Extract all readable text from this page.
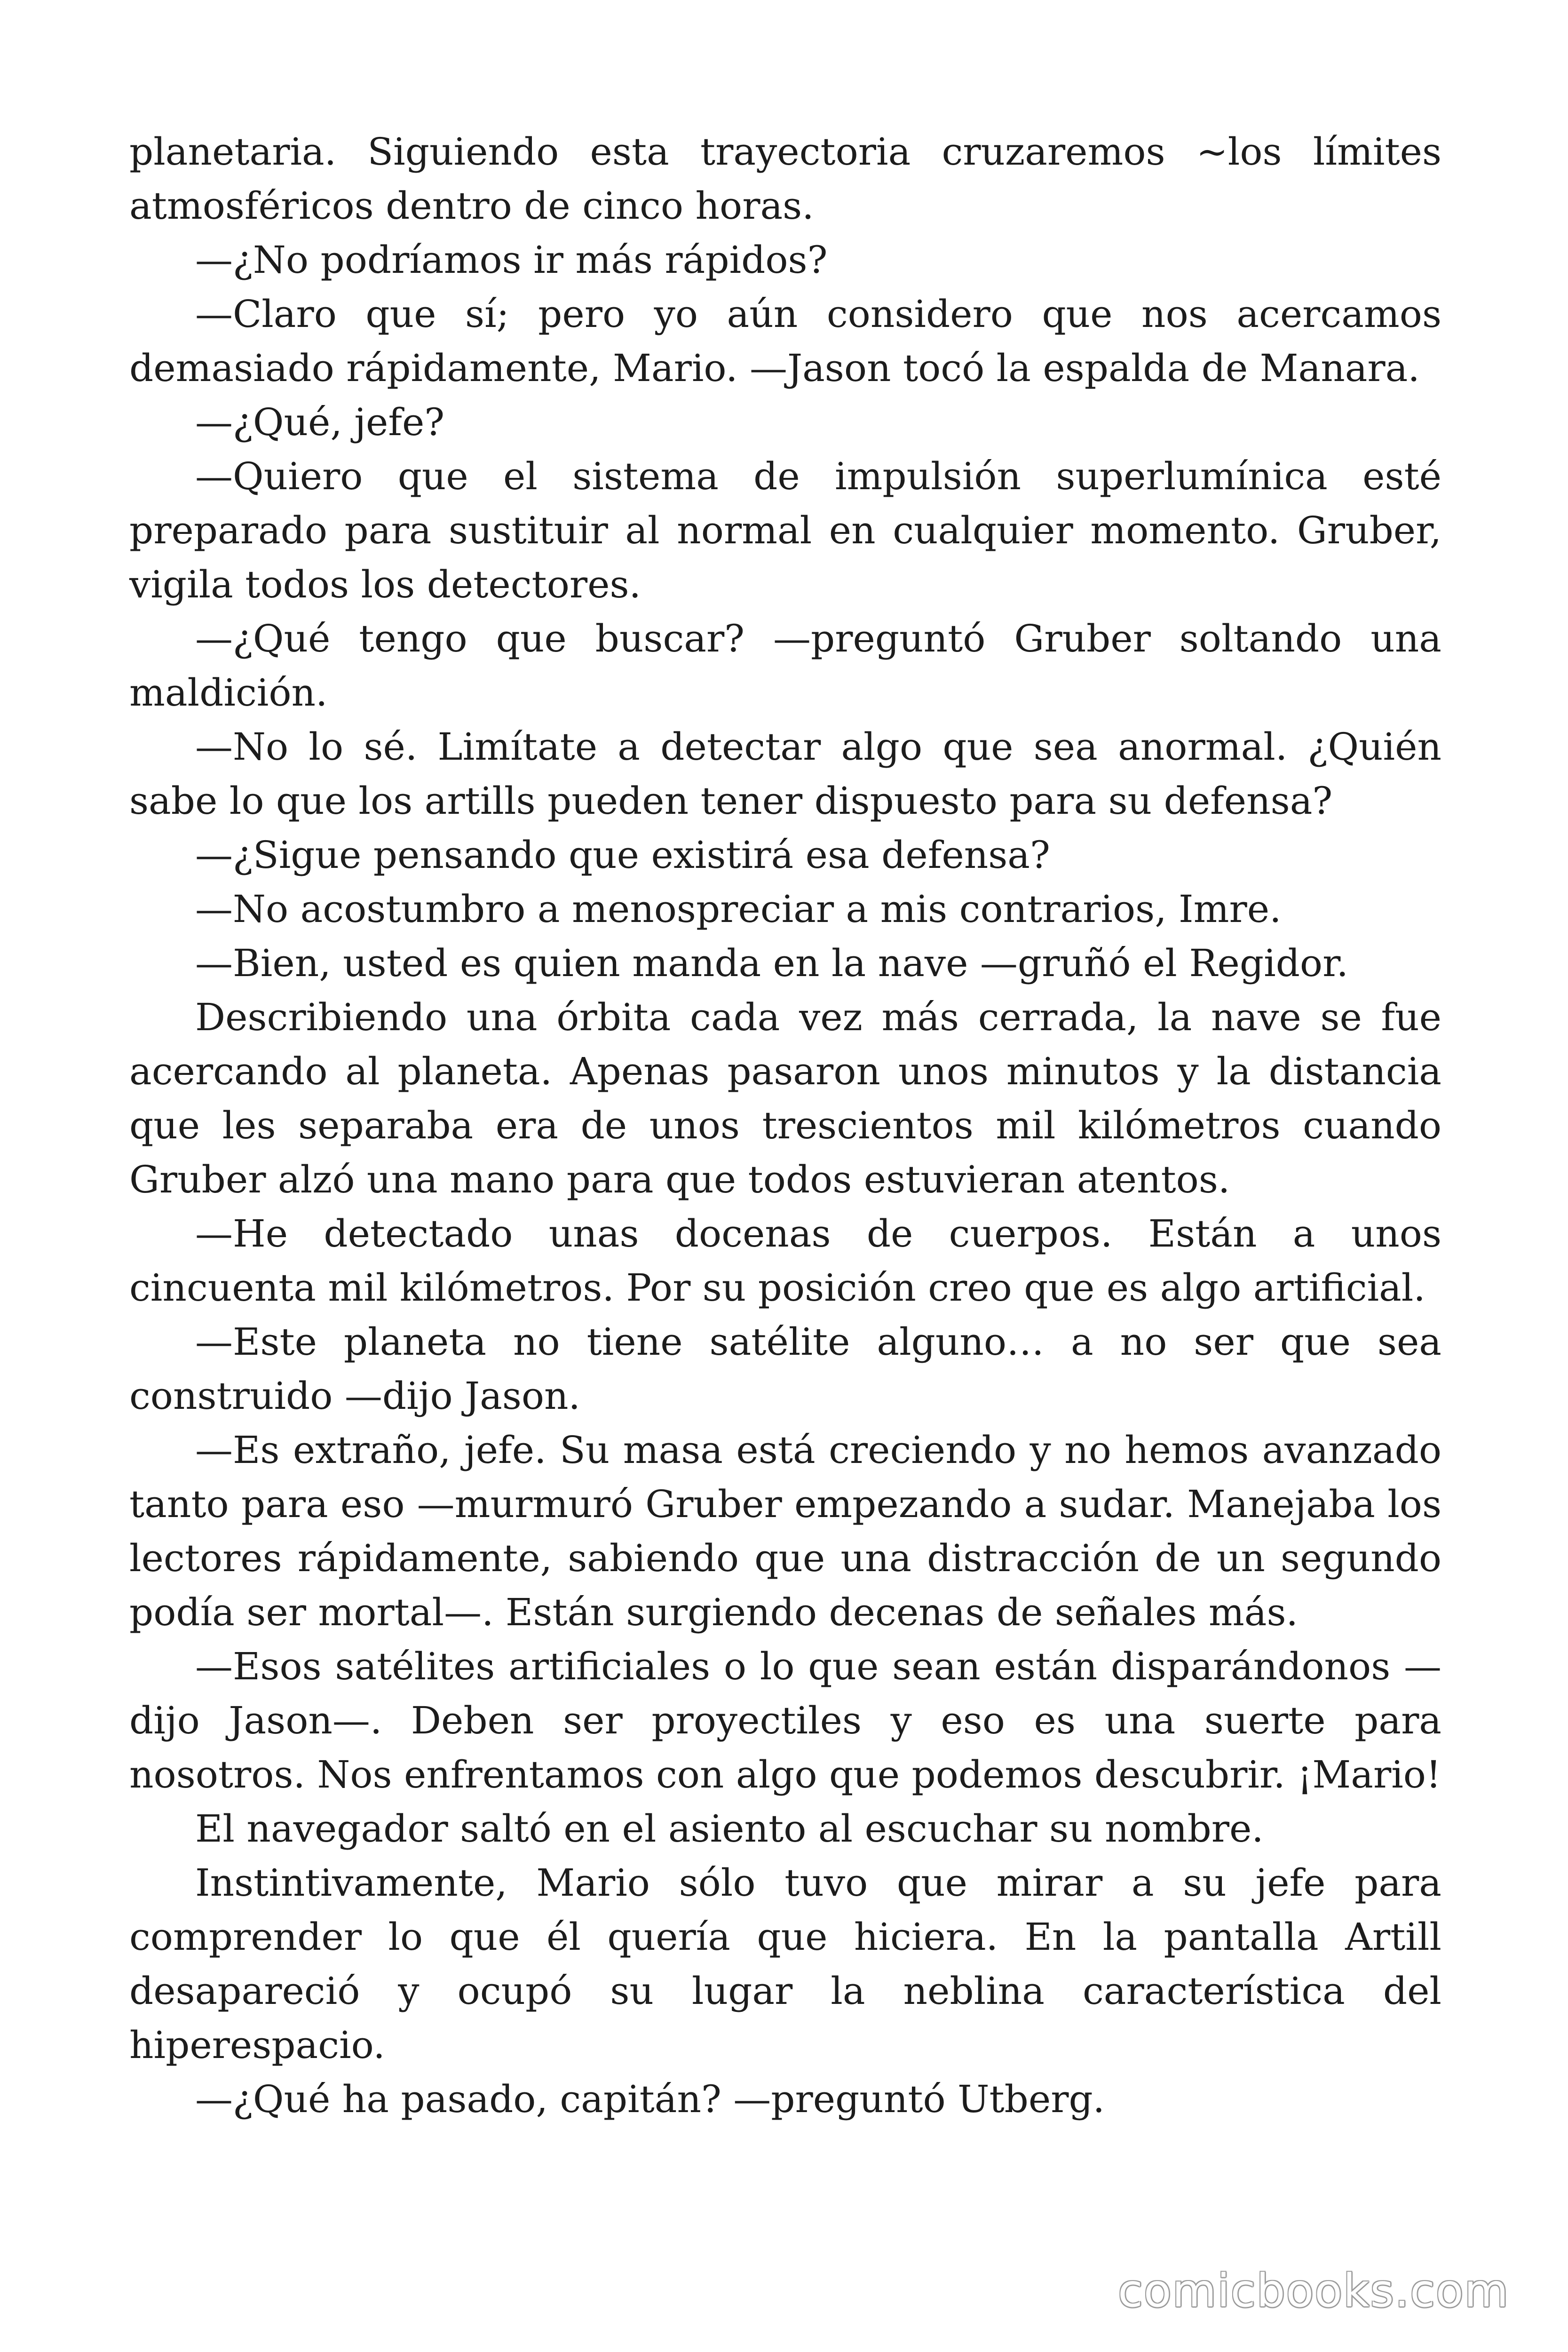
planetaria. Siguiendo esta trayectoria cruzaremos ~los límites atmosféricos dentro de cinco horas.

—¿No podríamos ir más rápidos?

—Claro que sí; pero yo aún considero que nos acercamos demasiado rápidamente, Mario. —Jason tocó la espalda de Manara.

—¿Qué, jefe?

—Quiero que el sistema de impulsión superlumínica esté preparado para sustituir al normal en cualquier momento. Gruber, vigila todos los detectores.

—¿Qué tengo que buscar? —preguntó Gruber soltando una maldición.

—No lo sé. Limítate a detectar algo que sea anormal. ¿Quién sabe lo que los artills pueden tener dispuesto para su defensa?

—¿Sigue pensando que existirá esa defensa?

—No acostumbro a menospreciar a mis contrarios, Imre.

—Bien, usted es quien manda en la nave —gruñó el Regidor.

Describiendo una órbita cada vez más cerrada, la nave se fue acercando al planeta. Apenas pasaron unos minutos y la distancia que les separaba era de unos trescientos mil kilómetros cuando Gruber alzó una mano para que todos estuvieran atentos.

—He detectado unas docenas de cuerpos. Están a unos cincuenta mil kilómetros. Por su posición creo que es algo artificial.

—Este planeta no tiene satélite alguno… a no ser que sea construido —dijo Jason.

—Es extraño, jefe. Su masa está creciendo y no hemos avanzado tanto para eso —murmuró Gruber empezando a sudar. Manejaba los lectores rápidamente, sabiendo que una distracción de un segundo podía ser mortal—. Están surgiendo decenas de señales más.

—Esos satélites artificiales o lo que sean están disparándonos — dijo Jason—. Deben ser proyectiles y eso es una suerte para nosotros. Nos enfrentamos con algo que podemos descubrir. ¡Mario!

El navegador saltó en el asiento al escuchar su nombre.

Instintivamente, Mario sólo tuvo que mirar a su jefe para comprender lo que él quería que hiciera. En la pantalla Artill desapareció y ocupó su lugar la neblina característica del hiperespacio.

—¿Qué ha pasado, capitán? —preguntó Utberg.

comicbooks.com
